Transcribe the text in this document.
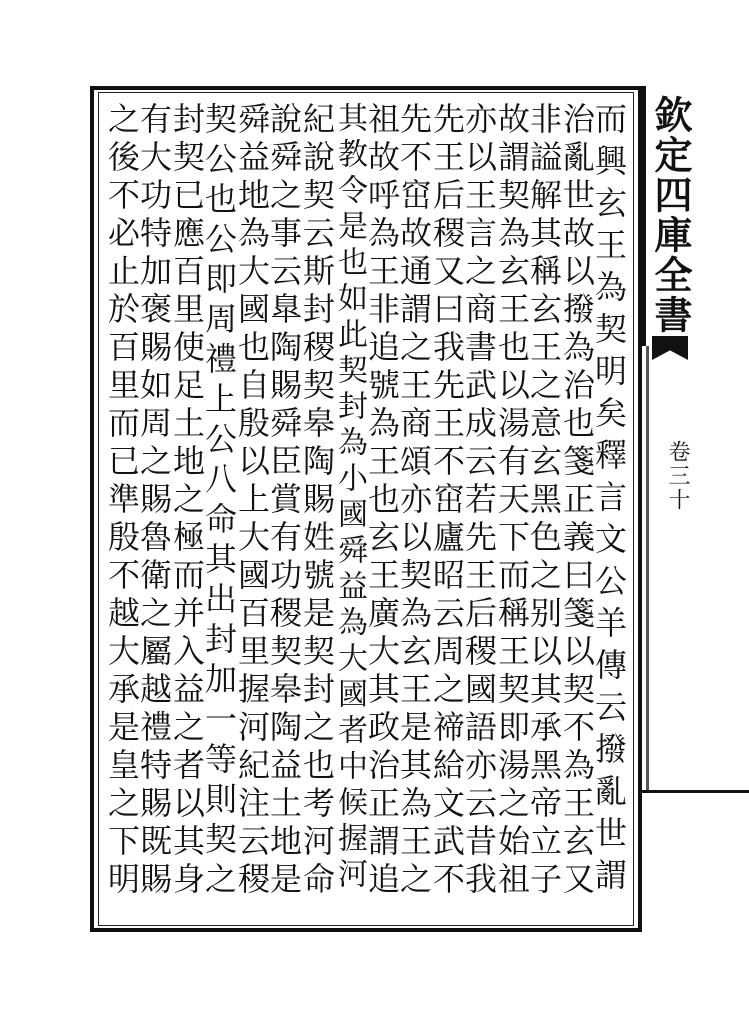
欽定四庫全書
卷三十
而興玄王為契明矣釋言文公羊傳云撥亂世謂
治亂世故以撥為治也箋正義曰箋以契不為王玄又
非謚解其稱玄王之意玄黑色之别以其承黑帝立子
故謂契為玄王也以湯有天下而稱王契即湯之始祖
亦以王言之商書武成云若先王后稷國語亦云昔我
先王后稷又曰我先王不窋廬昭云周之禘給文武不
先不窋故通謂之王商頌亦以契為玄王是其為王之
祖故呼為王非追號為王也玄王廣大其政治正謂追
其教令是也如此契封為小國舜益為大國者中候握河
紀說契云斯封稷契皋陶賜姓號是契封之也考河命
說舜之事云臯陶賜舜臣賞有功稷契皋陶益土地是
舜益地為大國也自殷以上大國百里握河紀注云稷
契公也公即周禮上公八命其出封加一等則契之
封契已應百里使足土地之極而并入益之者以其身
有大功特加褒賜如周之賜魯衛之屬越禮特賜既賜
之後不必止於百里而已準殷不越大承是皇之下明
